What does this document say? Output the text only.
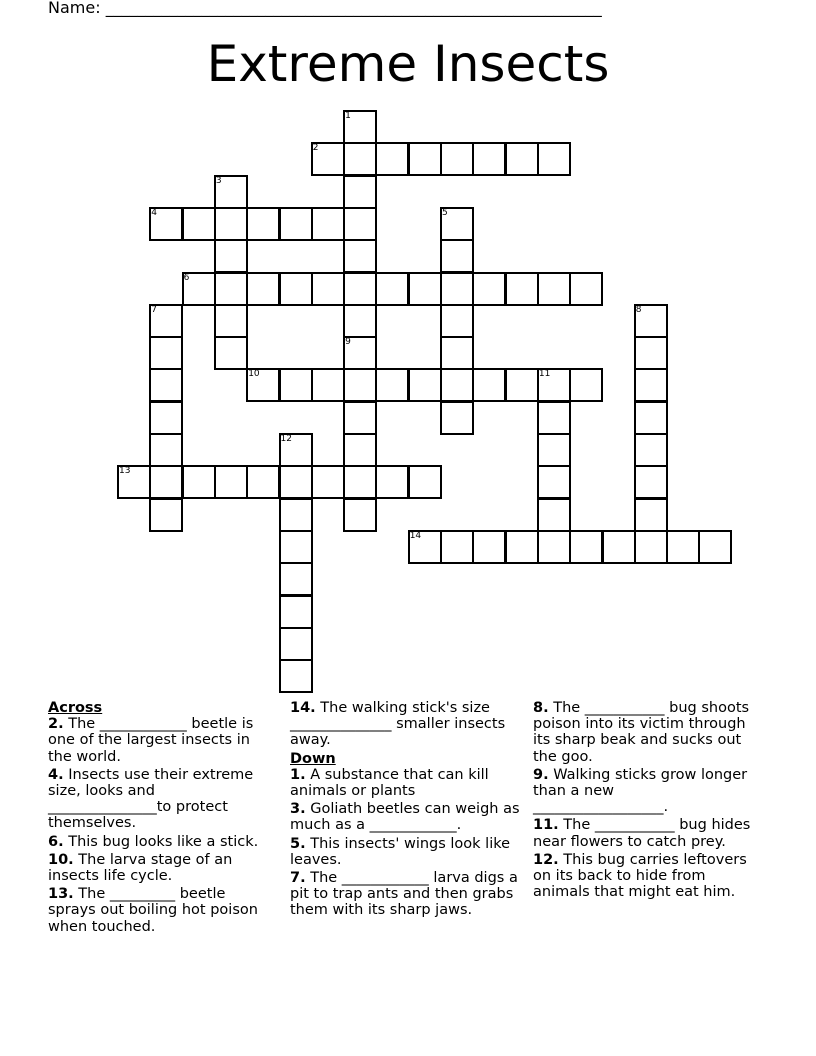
Name: ______________________________________________________________
Extreme Insects
1
2
3
4	5
6
7	8
9
10	11
12
13
14
Across
2. The ____________ beetle is one of the largest insects in the world.
4. Insects use their extreme size, looks and _______________to protect themselves.
6. This bug looks like a stick.
10. The larva stage of an insects life cycle.
13. The _________ beetle sprays out boiling hot poison when touched.
14. The walking stick's size ______________ smaller insects away.
Down
1. A substance that can kill animals or plants
3. Goliath beetles can weigh as much as a ____________.
5. This insects' wings look like leaves.
7. The ____________ larva digs a pit to trap ants and then grabs them with its sharp jaws.
8. The ___________ bug shoots poison into its victim through its sharp beak and sucks out the goo.
9. Walking sticks grow longer than a new __________________.
11. The ___________ bug hides near flowers to catch prey.
12. This bug carries leftovers on its back to hide from animals that might eat him.
